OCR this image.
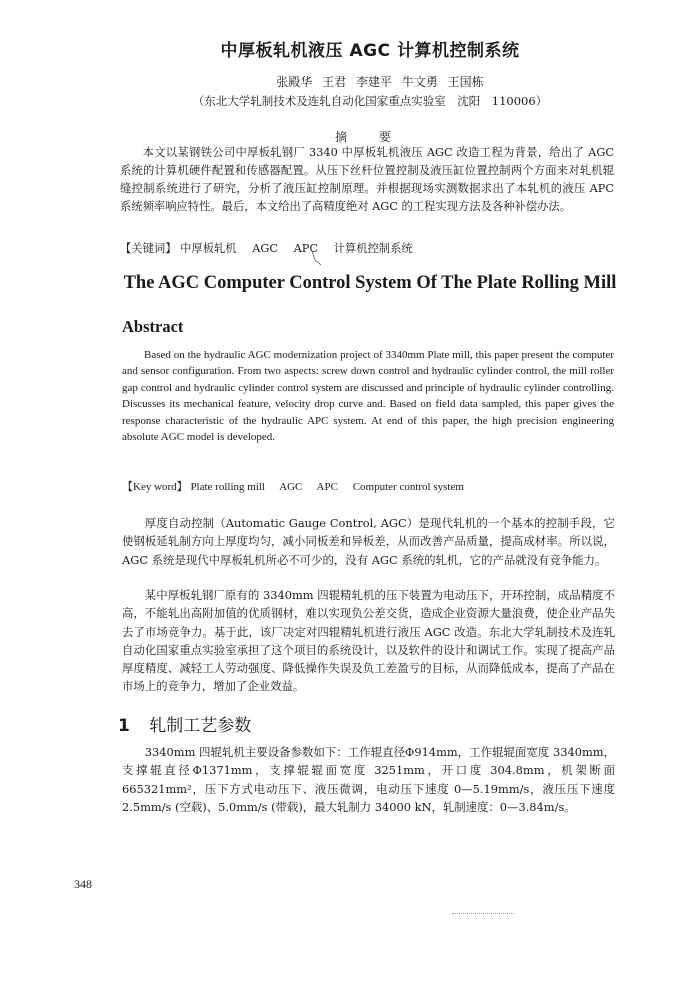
中厚板轧机液压 AGC 计算机控制系统
张殿华 王君 李建平 牛文勇 王国栋
（东北大学轧制技术及连轧自动化国家重点实验室　沈阳　110006）
摘 要
本文以某钢铁公司中厚板轧钢厂 3340 中厚板轧机液压 AGC 改造工程为背景，给出了 AGC 系统的计算机硬件配置和传感器配置。从压下丝杆位置控制及液压缸位置控制两个方面来对轧机辊缝控制系统进行了研究，分析了液压缸控制原理。并根据现场实测数据求出了本轧机的液压 APC 系统频率响应特性。最后，本文给出了高精度绝对 AGC 的工程实现方法及各种补偿办法。
【关键词】 中厚板轧机 AGC APC 计算机控制系统
The AGC Computer Control System Of The Plate Rolling Mill
Abstract
Based on the hydraulic AGC modernization project of 3340mm Plate mill, this paper present the computer and sensor configuration. From two aspects: screw down control and hydraulic cylinder control, the mill roller gap control and hydraulic cylinder control system are discussed and principle of hydraulic cylinder controlling. Discusses its mechanical feature, velocity drop curve and. Based on field data sampled, this paper gives the response characteristic of the hydraulic APC system. At end of this paper, the high precision engineering absolute AGC model is developed.
【Key word】 Plate rolling mill AGC APC Computer control system
厚度自动控制（Automatic Gauge Control, AGC）是现代轧机的一个基本的控制手段，它使钢板延轧制方向上厚度均匀，减小同板差和异板差，从而改善产品质量，提高成材率。所以说，AGC 系统是现代中厚板轧机所必不可少的，没有 AGC 系统的轧机，它的产品就没有竞争能力。
某中厚板轧钢厂原有的 3340mm 四辊精轧机的压下装置为电动压下，开环控制，成品精度不高，不能轧出高附加值的优质钢材，难以实现负公差交货，造成企业资源大量浪费，使企业产品失去了市场竞争力。基于此，该厂决定对四辊精轧机进行液压 AGC 改造。东北大学轧制技术及连轧自动化国家重点实验室承担了这个项目的系统设计，以及软件的设计和调试工作。实现了提高产品厚度精度、减轻工人劳动强度、降低操作失误及负工差盈亏的目标，从而降低成本，提高了产品在市场上的竞争力，增加了企业效益。
1 轧制工艺参数
3340mm 四辊轧机主要设备参数如下：工作辊直径Φ914mm，工作辊辊面宽度 3340mm，支撑辊直径Φ1371mm，支撑辊辊面宽度 3251mm，开口度 304.8mm，机架断面 665321mm²，压下方式电动压下、液压微调，电动压下速度 0—5.19mm/s，液压压下速度 2.5mm/s (空载)、5.0mm/s (带载)，最大轧制力 34000 kN，轧制速度：0—3.84m/s。
348
